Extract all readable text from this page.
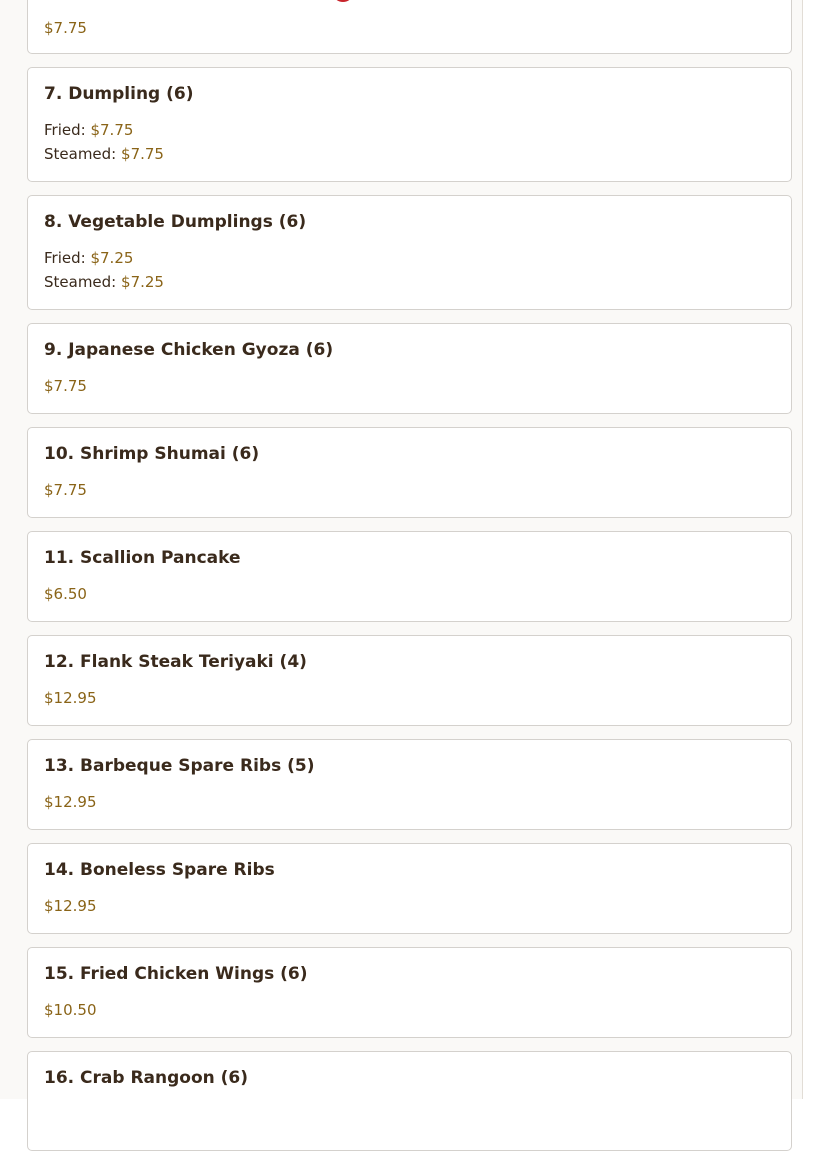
$7.75
7. Dumpling (6)
Fried: $7.75
Steamed: $7.75
8. Vegetable Dumplings (6)
Fried: $7.25
Steamed: $7.25
9. Japanese Chicken Gyoza (6)
$7.75
10. Shrimp Shumai (6)
$7.75
11. Scallion Pancake
$6.50
12. Flank Steak Teriyaki (4)
$12.95
13. Barbeque Spare Ribs (5)
$12.95
14. Boneless Spare Ribs
$12.95
15. Fried Chicken Wings (6)
$10.50
16. Crab Rangoon (6)
